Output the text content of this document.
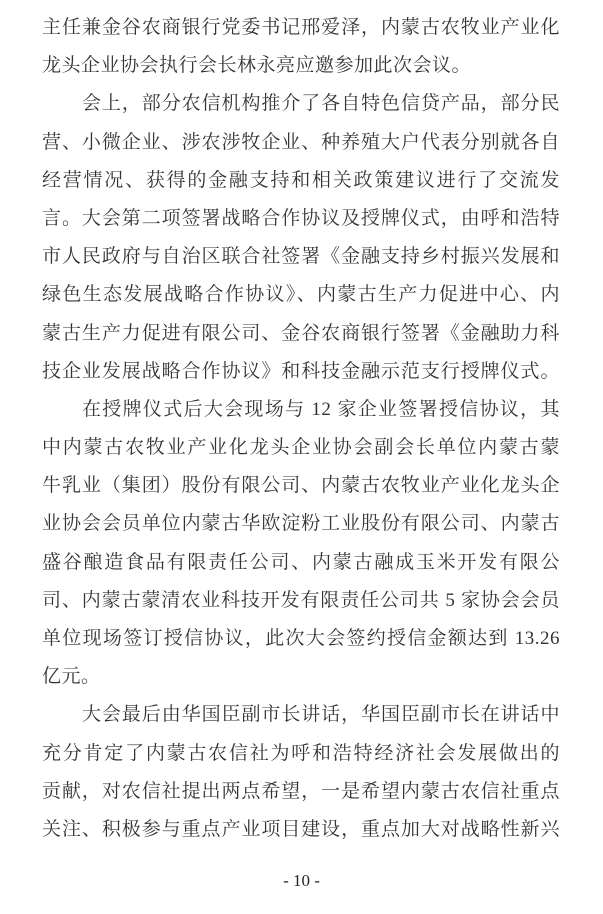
主任兼金谷农商银行党委书记邢爱泽，内蒙古农牧业产业化
龙头企业协会执行会长林永亮应邀参加此次会议。
会上，部分农信机构推介了各自特色信贷产品，部分民
营、小微企业、涉农涉牧企业、种养殖大户代表分别就各自
经营情况、获得的金融支持和相关政策建议进行了交流发
言。大会第二项签署战略合作协议及授牌仪式，由呼和浩特
市人民政府与自治区联合社签署《金融支持乡村振兴发展和
绿色生态发展战略合作协议》、内蒙古生产力促进中心、内
蒙古生产力促进有限公司、金谷农商银行签署《金融助力科
技企业发展战略合作协议》和科技金融示范支行授牌仪式。
在授牌仪式后大会现场与 12 家企业签署授信协议，其
中内蒙古农牧业产业化龙头企业协会副会长单位内蒙古蒙
牛乳业（集团）股份有限公司、内蒙古农牧业产业化龙头企
业协会会员单位内蒙古华欧淀粉工业股份有限公司、内蒙古
盛谷酿造食品有限责任公司、内蒙古融成玉米开发有限公
司、内蒙古蒙清农业科技开发有限责任公司共 5 家协会会员
单位现场签订授信协议，此次大会签约授信金额达到 13.26
亿元。
大会最后由华国臣副市长讲话，华国臣副市长在讲话中
充分肯定了内蒙古农信社为呼和浩特经济社会发展做出的
贡献，对农信社提出两点希望，一是希望内蒙古农信社重点
关注、积极参与重点产业项目建设，重点加大对战略性新兴
- 10 -
